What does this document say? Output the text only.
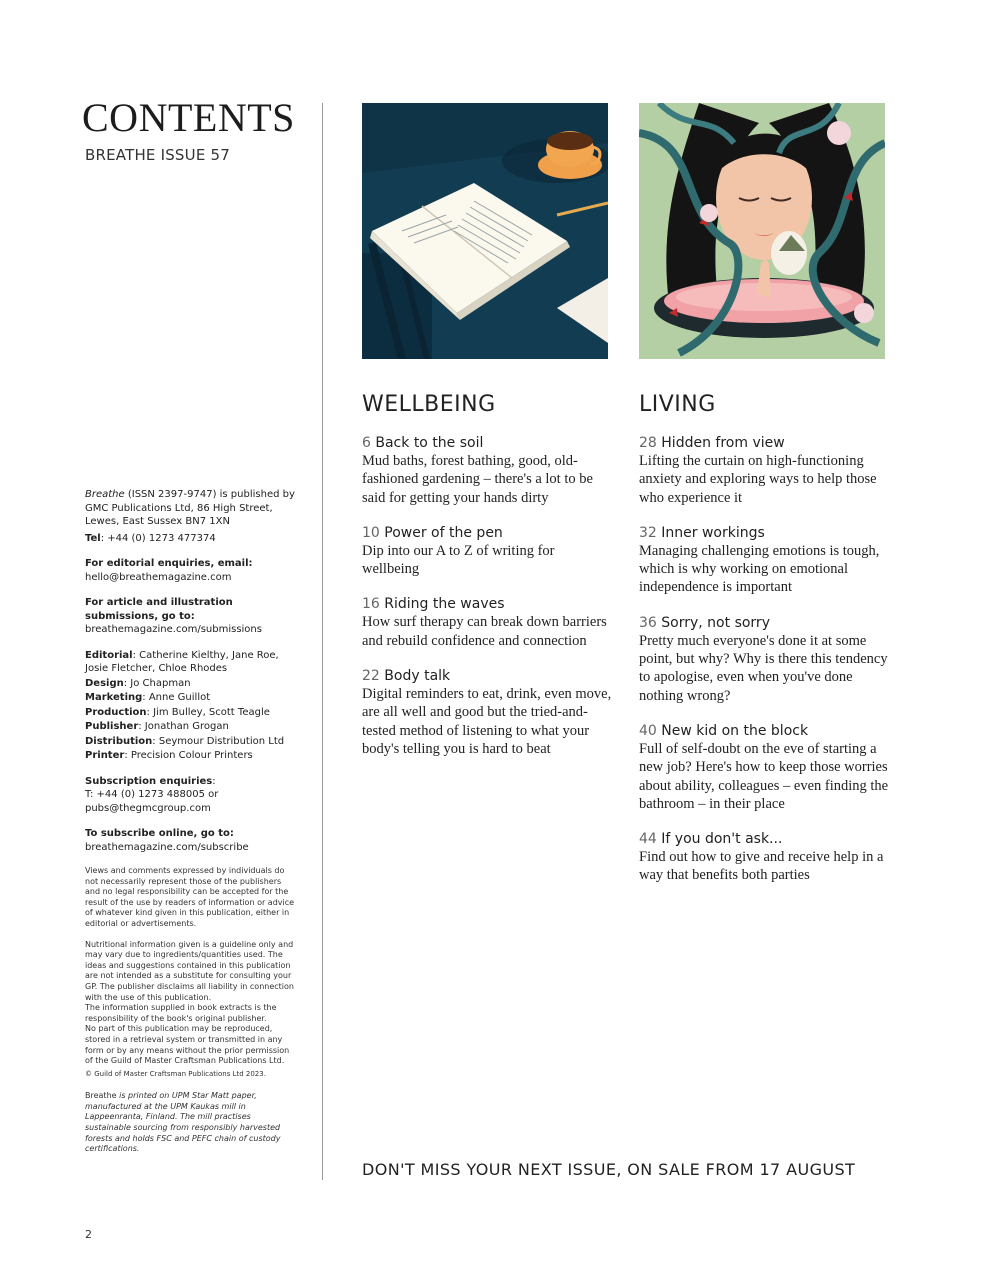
CONTENTS
BREATHE ISSUE 57

Breathe (ISSN 2397-9747) is published by GMC Publications Ltd, 86 High Street, Lewes, East Sussex BN7 1XN

Tel: +44 (0) 1273 477374

For editorial enquiries, email:

hello@breathemagazine.com

For article and illustration submissions, go to:

breathemagazine.com/submissions

Editorial: Catherine Kielthy, Jane Roe, Josie Fletcher, Chloe Rhodes

Design: Jo Chapman

Marketing: Anne Guillot

Production: Jim Bulley, Scott Teagle

Publisher: Jonathan Grogan

Distribution: Seymour Distribution Ltd

Printer: Precision Colour Printers

Subscription enquiries:

T: +44 (0) 1273 488005 or pubs@thegmcgroup.com

To subscribe online, go to:

breathemagazine.com/subscribe

Views and comments expressed by individuals do not necessarily represent those of the publishers and no legal responsibility can be accepted for the result of the use by readers of information or advice of whatever kind given in this publication, either in editorial or advertisements.

Nutritional information given is a guideline only and may vary due to ingredients/quantities used. The ideas and suggestions contained in this publication are not intended as a substitute for consulting your GP. The publisher disclaims all liability in connection with the use of this publication.

The information supplied in book extracts is the responsibility of the book's original publisher.

No part of this publication may be reproduced, stored in a retrieval system or transmitted in any form or by any means without the prior permission of the Guild of Master Craftsman Publications Ltd.

© Guild of Master Craftsman Publications Ltd 2023.

Breathe is printed on UPM Star Matt paper, manufactured at the UPM Kaukas mill in Lappeenranta, Finland. The mill practises sustainable sourcing from responsibly harvested forests and holds FSC and PEFC chain of custody certifications.

WELLBEING
6 Back to the soil
Mud baths, forest bathing, good, old-fashioned gardening – there's a lot to be said for getting your hands dirty
10 Power of the pen
Dip into our A to Z of writing for wellbeing
16 Riding the waves
How surf therapy can break down barriers and rebuild confidence and connection
22 Body talk
Digital reminders to eat, drink, even move, are all well and good but the tried-and-tested method of listening to what your body's telling you is hard to beat
LIVING
28 Hidden from view
Lifting the curtain on high-functioning anxiety and exploring ways to help those who experience it
32 Inner workings
Managing challenging emotions is tough, which is why working on emotional independence is important
36 Sorry, not sorry
Pretty much everyone's done it at some point, but why? Why is there this tendency to apologise, even when you've done nothing wrong?
40 New kid on the block
Full of self-doubt on the eve of starting a new job? Here's how to keep those worries about ability, colleagues – even finding the bathroom – in their place
44 If you don't ask...
Find out how to give and receive help in a way that benefits both parties
DON'T MISS YOUR NEXT ISSUE, ON SALE FROM 17 AUGUST
2
